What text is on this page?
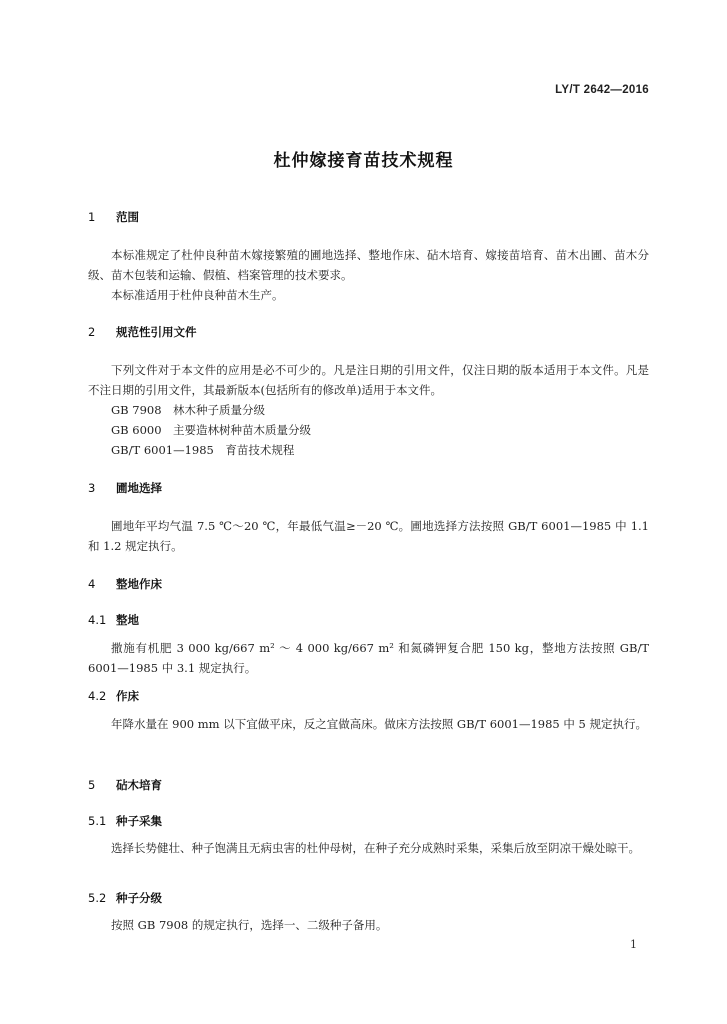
LY/T 2642—2016
杜仲嫁接育苗技术规程
1 范围
本标准规定了杜仲良种苗木嫁接繁殖的圃地选择、整地作床、砧木培育、嫁接苗培育、苗木出圃、苗木分级、苗木包装和运输、假植、档案管理的技术要求。
本标准适用于杜仲良种苗木生产。
2 规范性引用文件
下列文件对于本文件的应用是必不可少的。凡是注日期的引用文件，仅注日期的版本适用于本文件。凡是不注日期的引用文件，其最新版本(包括所有的修改单)适用于本文件。
GB 7908　林木种子质量分级
GB 6000　主要造林树种苗木质量分级
GB/T 6001—1985　育苗技术规程
3 圃地选择
圃地年平均气温 7.5 ℃～20 ℃，年最低气温≥－20 ℃。圃地选择方法按照 GB/T 6001—1985 中 1.1 和 1.2 规定执行。
4 整地作床
4.1 整地
撒施有机肥 3 000 kg/667 m² ～ 4 000 kg/667 m² 和氮磷钾复合肥 150 kg，整地方法按照 GB/T 6001—1985 中 3.1 规定执行。
4.2 作床
年降水量在 900 mm 以下宜做平床，反之宜做高床。做床方法按照 GB/T 6001—1985 中 5 规定执行。
5 砧木培育
5.1 种子采集
选择长势健壮、种子饱满且无病虫害的杜仲母树，在种子充分成熟时采集，采集后放至阴凉干燥处晾干。
5.2 种子分级
按照 GB 7908 的规定执行，选择一、二级种子备用。
1
